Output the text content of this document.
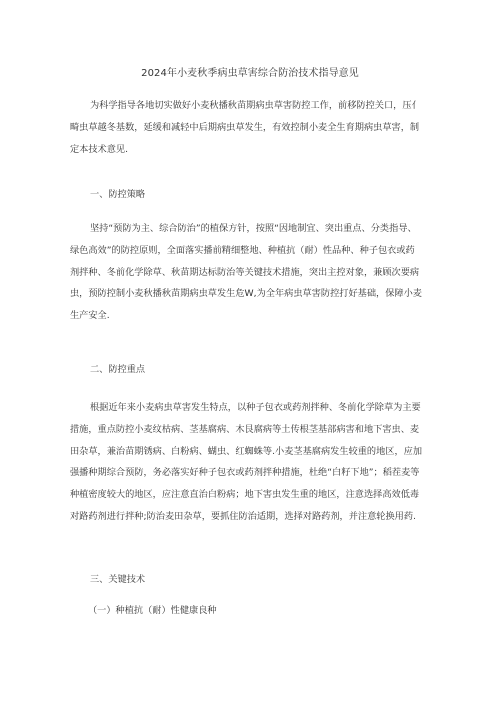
2024年小麦秋季病虫草害综合防治技术指导意见
为科学指导各地切实做好小麦秋播秋苗期病虫草害防控工作，前移防控关口，压亻
畸虫草越冬基数，延缓和减轻中后期病虫草发生，有效控制小麦全生育期病虫草害，制
定本技术意见.
一、防控策略
坚持“预防为主、综合防治”的植保方针，按照“因地制宜、突出重点、分类指导、
绿色高效”的防控原则，全面落实播前精细整地、种植抗（耐）性品种、种子包衣或药
剂拌种、冬前化学除草、秋苗期达标防治等关键技术措施，突出主控对象，兼顾次要病
虫，预防控制小麦秋播秋苗期病虫草发生危W,为全年病虫草害防控打好基础，保障小麦
生产安全.
二、防控重点
根据近年来小麦病虫草害发生特点，以种子包衣或药剂拌种、冬前化学除草为主要
措施，重点防控小麦纹枯病、茎基腐病、木艮腐病等土传根茎基部病害和地下害虫、麦
田杂草，兼治苗期锈病、白粉病、蝴虫、红蜘蛛等.小麦茎基腐病发生较重的地区，应加
强播种期综合预防，务必落实好种子包衣或药剂拌种措施，杜绝“白籽下地”；稻茬麦等
种植密度较大的地区，应注意直治白粉病；地下害虫发生重的地区，注意选择高效低毒
对路药剂进行拌种;防治麦田杂草，要抓住防治适期，选择对路药剂，并注意轮换用药.
三、关键技术
（一）种植抗（耐）性健康良种
